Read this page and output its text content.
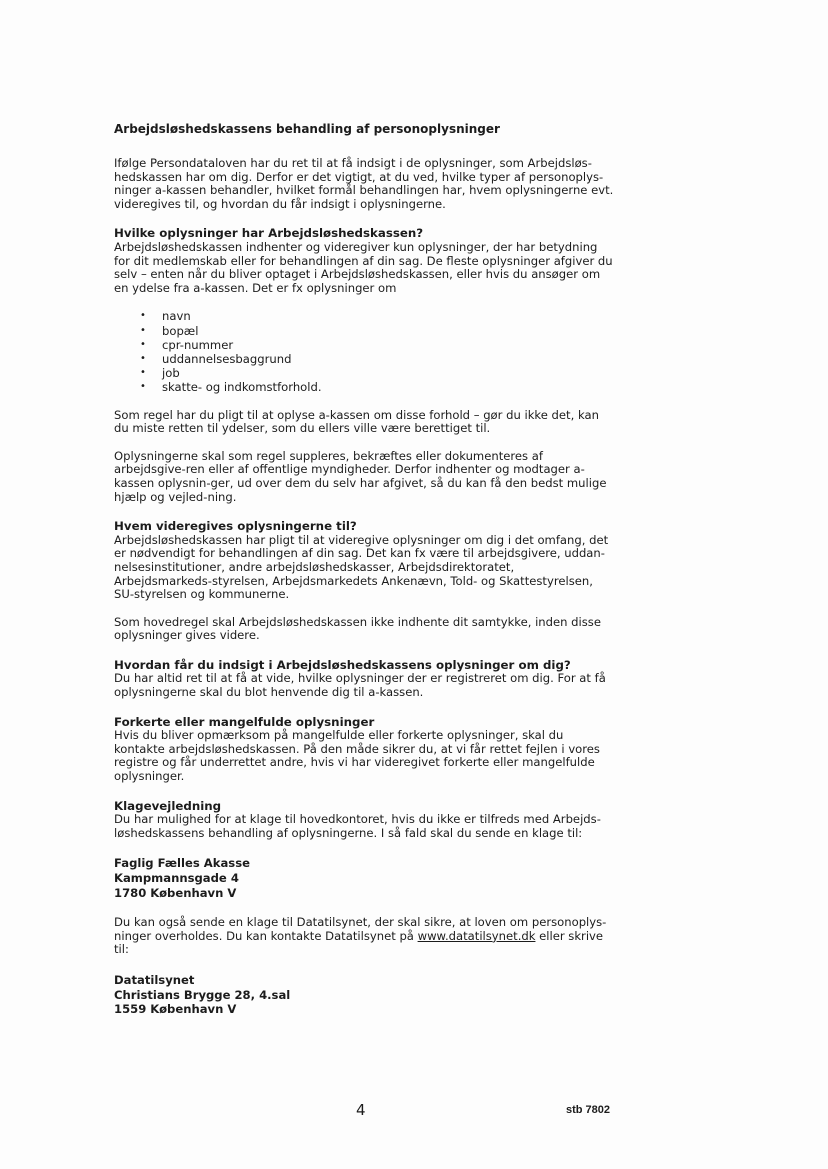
Arbejdsløshedskassens behandling af personoplysninger

Ifølge Persondataloven har du ret til at få indsigt i de oplysninger, som Arbejdsløs-hedskassen har om dig. Derfor er det vigtigt, at du ved, hvilke typer af personoplys-ninger a-kassen behandler, hvilket formål behandlingen har, hvem oplysningerne evt. videregives til, og hvordan du får indsigt i oplysningerne.

Hvilke oplysninger har Arbejdsløshedskassen?

Arbejdsløshedskassen indhenter og videregiver kun oplysninger, der har betydning for dit medlemskab eller for behandlingen af din sag. De fleste oplysninger afgiver du selv – enten når du bliver optaget i Arbejdsløshedskassen, eller hvis du ansøger om en ydelse fra a-kassen. Det er fx oplysninger om

• navn
• bopæl
• cpr-nummer
• uddannelsesbaggrund
• job
• skatte- og indkomstforhold.

Som regel har du pligt til at oplyse a-kassen om disse forhold – gør du ikke det, kan du miste retten til ydelser, som du ellers ville være berettiget til.

Oplysningerne skal som regel suppleres, bekræftes eller dokumenteres af arbejdsgive-ren eller af offentlige myndigheder. Derfor indhenter og modtager a-kassen oplysnin-ger, ud over dem du selv har afgivet, så du kan få den bedst mulige hjælp og vejled-ning.

Hvem videregives oplysningerne til?

Arbejdsløshedskassen har pligt til at videregive oplysninger om dig i det omfang, det er nødvendigt for behandlingen af din sag. Det kan fx være til arbejdsgivere, uddan-nelsesinstitutioner, andre arbejdsløshedskasser, Arbejdsdirektoratet, Arbejdsmarkeds-styrelsen, Arbejdsmarkedets Ankenævn, Told- og Skattestyrelsen, SU-styrelsen og kommunerne.

Som hovedregel skal Arbejdsløshedskassen ikke indhente dit samtykke, inden disse oplysninger gives videre.

Hvordan får du indsigt i Arbejdsløshedskassens oplysninger om dig?

Du har altid ret til at få at vide, hvilke oplysninger der er registreret om dig. For at få oplysningerne skal du blot henvende dig til a-kassen.

Forkerte eller mangelfulde oplysninger

Hvis du bliver opmærksom på mangelfulde eller forkerte oplysninger, skal du kontakte arbejdsløshedskassen. På den måde sikrer du, at vi får rettet fejlen i vores registre og får underrettet andre, hvis vi har videregivet forkerte eller mangelfulde oplysninger.

Klagevejledning

Du har mulighed for at klage til hovedkontoret, hvis du ikke er tilfreds med Arbejds-løshedskassens behandling af oplysningerne. I så fald skal du sende en klage til:

Faglig Fælles Akasse

Kampmannsgade 4

1780 København V

Du kan også sende en klage til Datatilsynet, der skal sikre, at loven om personoplys-ninger overholdes. Du kan kontakte Datatilsynet på www.datatilsynet.dk eller skrive til:

Datatilsynet

Christians Brygge 28, 4.sal

1559 København V

4	stb 7802
